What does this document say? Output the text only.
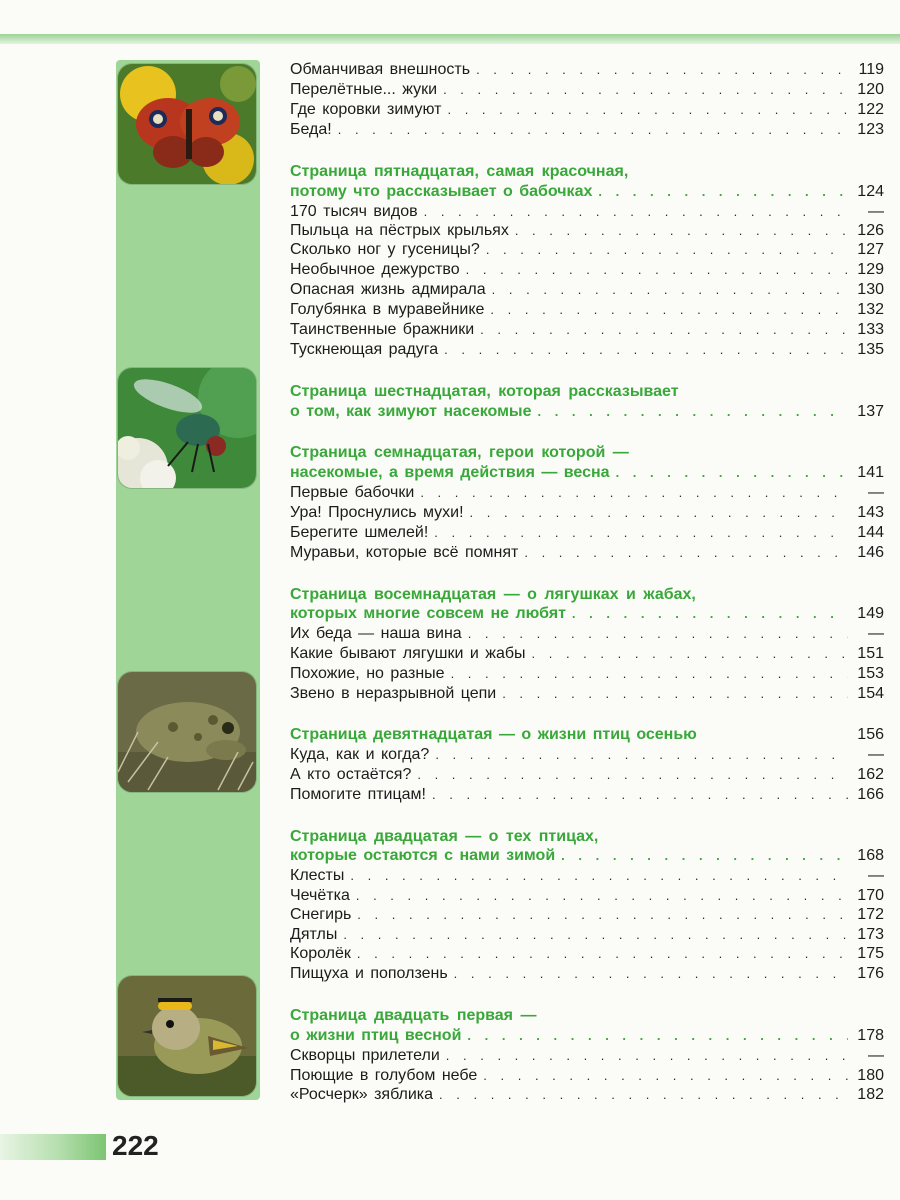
Обманчивая внешность . . .	119
Перелётные... жуки . . .	120
Где коровки зимуют . . .	122
Беда! . . .	123
Страница пятнадцатая, самая красочная,
потому что рассказывает о бабочках . . .	124
170 тысяч видов . . .	—
Пыльца на пёстрых крыльях . . .	126
Сколько ног у гусеницы? . . .	127
Необычное дежурство . . .	129
Опасная жизнь адмирала . . .	130
Голубянка в муравейнике . . .	132
Таинственные бражники . . .	133
Тускнеющая радуга . . .	135
Страница шестнадцатая, которая рассказывает
о том, как зимуют насекомые . . .	137
Страница семнадцатая, герои которой —
насекомые, а время действия — весна . . .	141
Первые бабочки . . .	—
Ура! Проснулись мухи! . . .	143
Берегите шмелей! . . .	144
Муравьи, которые всё помнят . . .	146
Страница восемнадцатая — о лягушках и жабах,
которых многие совсем не любят . . .	149
Их беда — наша вина . . .	—
Какие бывают лягушки и жабы . . .	151
Похожие, но разные . . .	153
Звено в неразрывной цепи . . .	154
Страница девятнадцатая — о жизни птиц осенью	156
Куда, как и когда? . . .	—
А кто остаётся? . . .	162
Помогите птицам! . . .	166
Страница двадцатая — о тех птицах,
которые остаются с нами зимой . . .	168
Клесты . . .	—
Чечётка . . .	170
Снегирь . . .	172
Дятлы . . .	173
Королёк . . .	175
Пищуха и поползень . . .	176
Страница двадцать первая —
о жизни птиц весной . . .	178
Скворцы прилетели . . .	—
Поющие в голубом небе . . .	180
«Росчерк» зяблика . . .	182
222
